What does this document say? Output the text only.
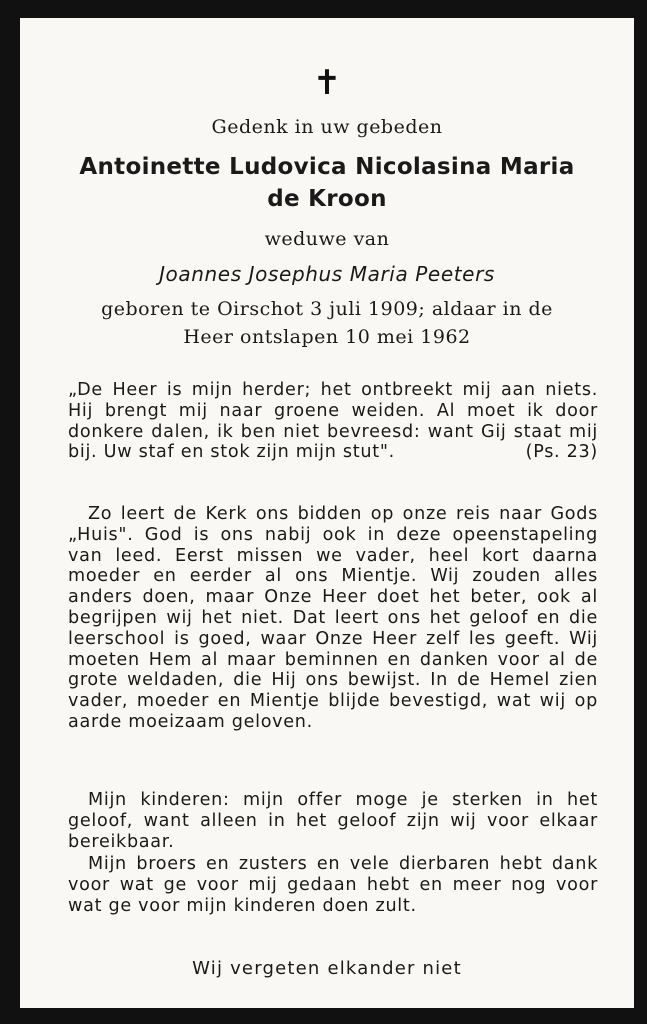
✝
Gedenk in uw gebeden
Antoinette Ludovica Nicolasina Maria
de Kroon
weduwe van
Joannes Josephus Maria Peeters
geboren te Oirschot 3 juli 1909; aldaar in de
Heer ontslapen 10 mei 1962

„De Heer is mijn herder; het ontbreekt mij aan niets. Hij brengt mij naar groene weiden. Al moet ik door donkere dalen, ik ben niet bevreesd: want Gij staat mij bij. Uw staf en stok zijn mijn stut".	(Ps. 23)

Zo leert de Kerk ons bidden op onze reis naar Gods „Huis". God is ons nabij ook in deze opeenstapeling van leed. Eerst missen we vader, heel kort daarna moeder en eerder al ons Mientje. Wij zouden alles anders doen, maar Onze Heer doet het beter, ook al begrijpen wij het niet. Dat leert ons het geloof en die leerschool is goed, waar Onze Heer zelf les geeft. Wij moeten Hem al maar beminnen en danken voor al de grote weldaden, die Hij ons bewijst. In de Hemel zien vader, moeder en Mientje blijde bevestigd, wat wij op aarde moeizaam geloven.

Mijn kinderen: mijn offer moge je sterken in het geloof, want alleen in het geloof zijn wij voor elkaar bereikbaar.

Mijn broers en zusters en vele dierbaren hebt dank voor wat ge voor mij gedaan hebt en meer nog voor wat ge voor mijn kinderen doen zult.

Wij vergeten elkander niet
